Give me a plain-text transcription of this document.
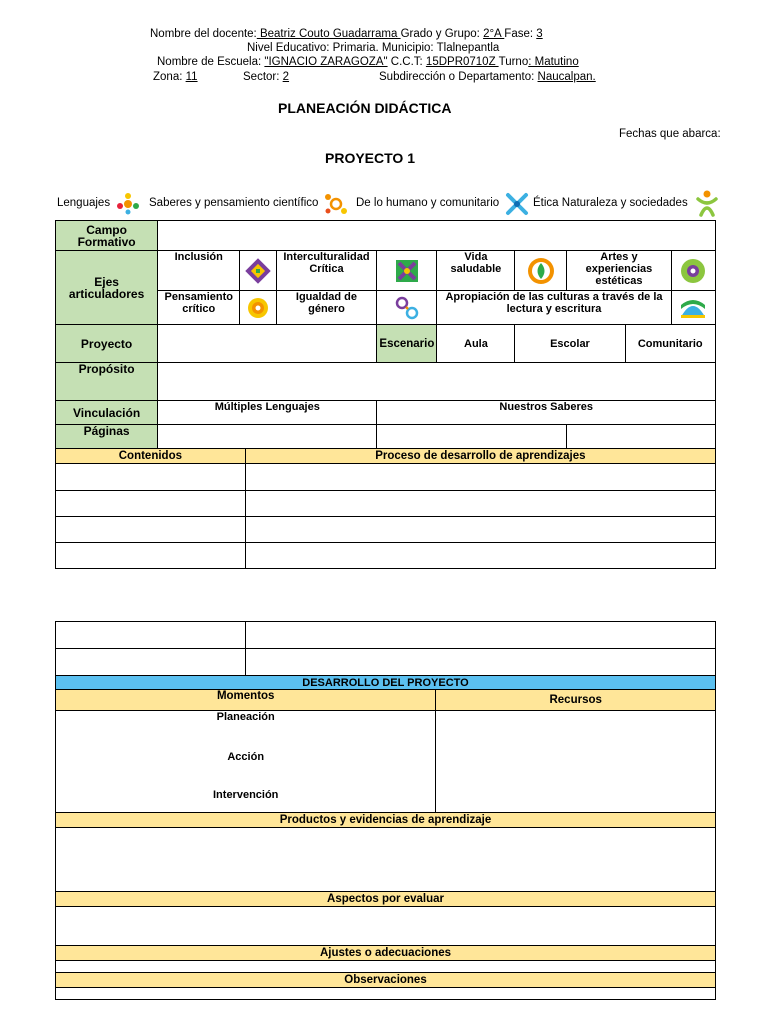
Nombre del docente: Beatriz Couto Guadarrama Grado y Grupo: 2°A Fase: 3
Nivel Educativo: Primaria. Municipio: Tlalnepantla
Nombre de Escuela: "IGNACIO ZARAGOZA" C.C.T: 15DPR0710Z Turno: Matutino
Zona: 11	Sector: 2	Subdirección o Departamento: Naucalpan.
PLANEACIÓN DIDÁCTICA
Fechas que abarca:
PROYECTO 1
Lenguajes	Saberes y pensamiento científico	De lo humano y comunitario	Ética Naturaleza y sociedades
Campo Formativo									
Ejes articuladores	Inclusión		Interculturalidad Crítica		Vida saludable		Artes y experiencias estéticas	

	Pensamiento crítico		Igualdad de género		Apropiación de las culturas a través de la lectura y escritura	

Proyecto				Escenario	Aula	Escolar		Comunitario	
Propósito									
Vinculación	Múltiples Lenguajes			Nuestros Saberes					
Páginas									
Contenidos	Proceso de desarrollo de aprendizajes

DESARROLLO DEL PROYECTO	
Momentos	Recursos

Planeación
Acción
Intervención	

Productos y evidencias de aprendizaje	

Aspectos por evaluar	

Ajustes o adecuaciones	

Observaciones	
